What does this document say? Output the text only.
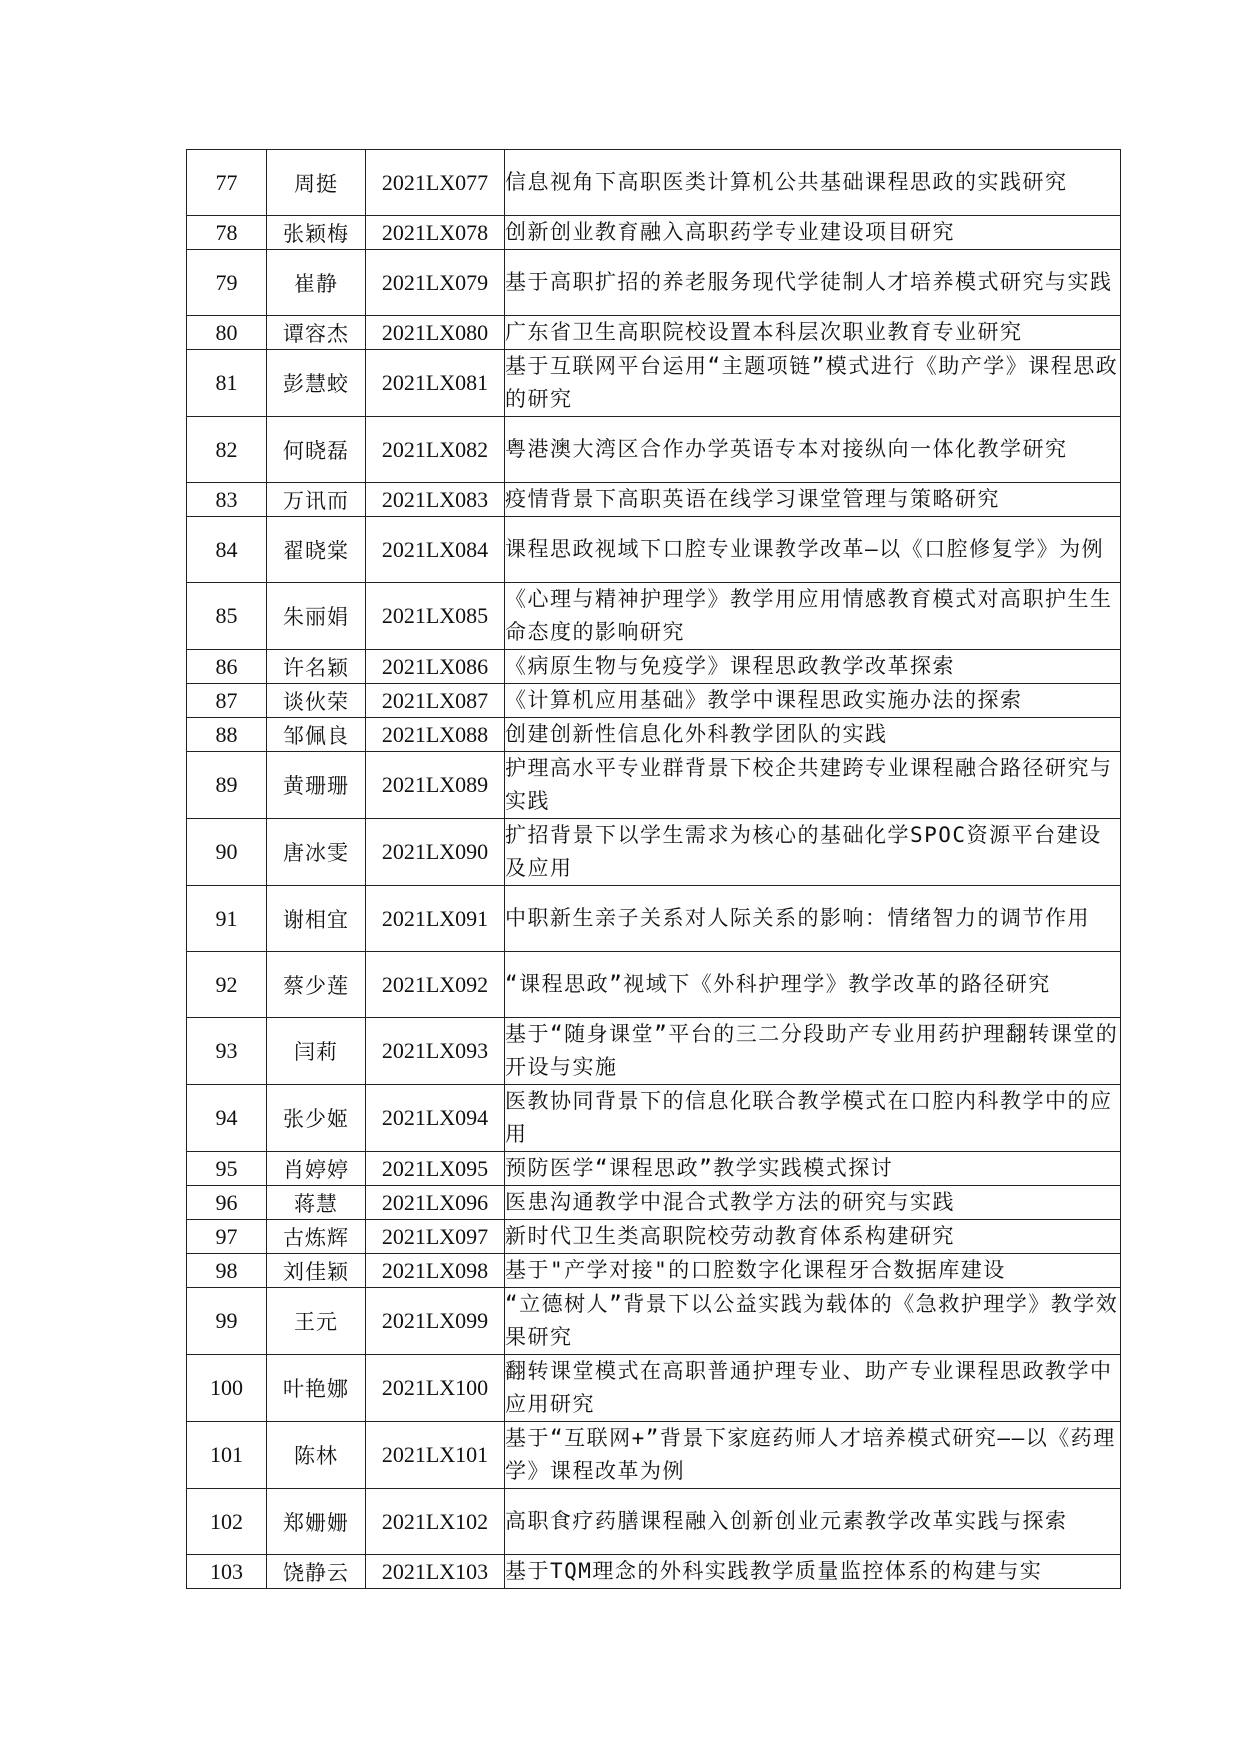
77	周挺	2021LX077	信息视角下高职医类计算机公共基础课程思政的实践研究
78	张颖梅	2021LX078	创新创业教育融入高职药学专业建设项目研究
79	崔静	2021LX079	基于高职扩招的养老服务现代学徒制人才培养模式研究与实践
80	谭容杰	2021LX080	广东省卫生高职院校设置本科层次职业教育专业研究
81	彭慧蛟	2021LX081	基于互联网平台运用“主题项链”模式进行《助产学》课程思政的研究
82	何晓磊	2021LX082	粤港澳大湾区合作办学英语专本对接纵向一体化教学研究
83	万讯而	2021LX083	疫情背景下高职英语在线学习课堂管理与策略研究
84	翟晓棠	2021LX084	课程思政视域下口腔专业课教学改革—以《口腔修复学》为例
85	朱丽娟	2021LX085	《心理与精神护理学》教学用应用情感教育模式对高职护生生命态度的影响研究
86	许名颖	2021LX086	《病原生物与免疫学》课程思政教学改革探索
87	谈伙荣	2021LX087	《计算机应用基础》教学中课程思政实施办法的探索
88	邹佩良	2021LX088	创建创新性信息化外科教学团队的实践
89	黄珊珊	2021LX089	护理高水平专业群背景下校企共建跨专业课程融合路径研究与实践
90	唐冰雯	2021LX090	扩招背景下以学生需求为核心的基础化学SPOC资源平台建设及应用
91	谢相宜	2021LX091	中职新生亲子关系对人际关系的影响：情绪智力的调节作用
92	蔡少莲	2021LX092	“课程思政”视域下《外科护理学》教学改革的路径研究
93	闫莉	2021LX093	基于“随身课堂”平台的三二分段助产专业用药护理翻转课堂的开设与实施
94	张少姬	2021LX094	医教协同背景下的信息化联合教学模式在口腔内科教学中的应用
95	肖婷婷	2021LX095	预防医学“课程思政”教学实践模式探讨
96	蒋慧	2021LX096	医患沟通教学中混合式教学方法的研究与实践
97	古炼辉	2021LX097	新时代卫生类高职院校劳动教育体系构建研究
98	刘佳颖	2021LX098	基于"产学对接"的口腔数字化课程牙合数据库建设
99	王元	2021LX099	“立德树人”背景下以公益实践为载体的《急救护理学》教学效果研究
100	叶艳娜	2021LX100	翻转课堂模式在高职普通护理专业、助产专业课程思政教学中应用研究
101	陈林	2021LX101	基于“互联网+”背景下家庭药师人才培养模式研究——以《药理学》课程改革为例
102	郑姗姗	2021LX102	高职食疗药膳课程融入创新创业元素教学改革实践与探索
103	饶静云	2021LX103	基于TQM理念的外科实践教学质量监控体系的构建与实
